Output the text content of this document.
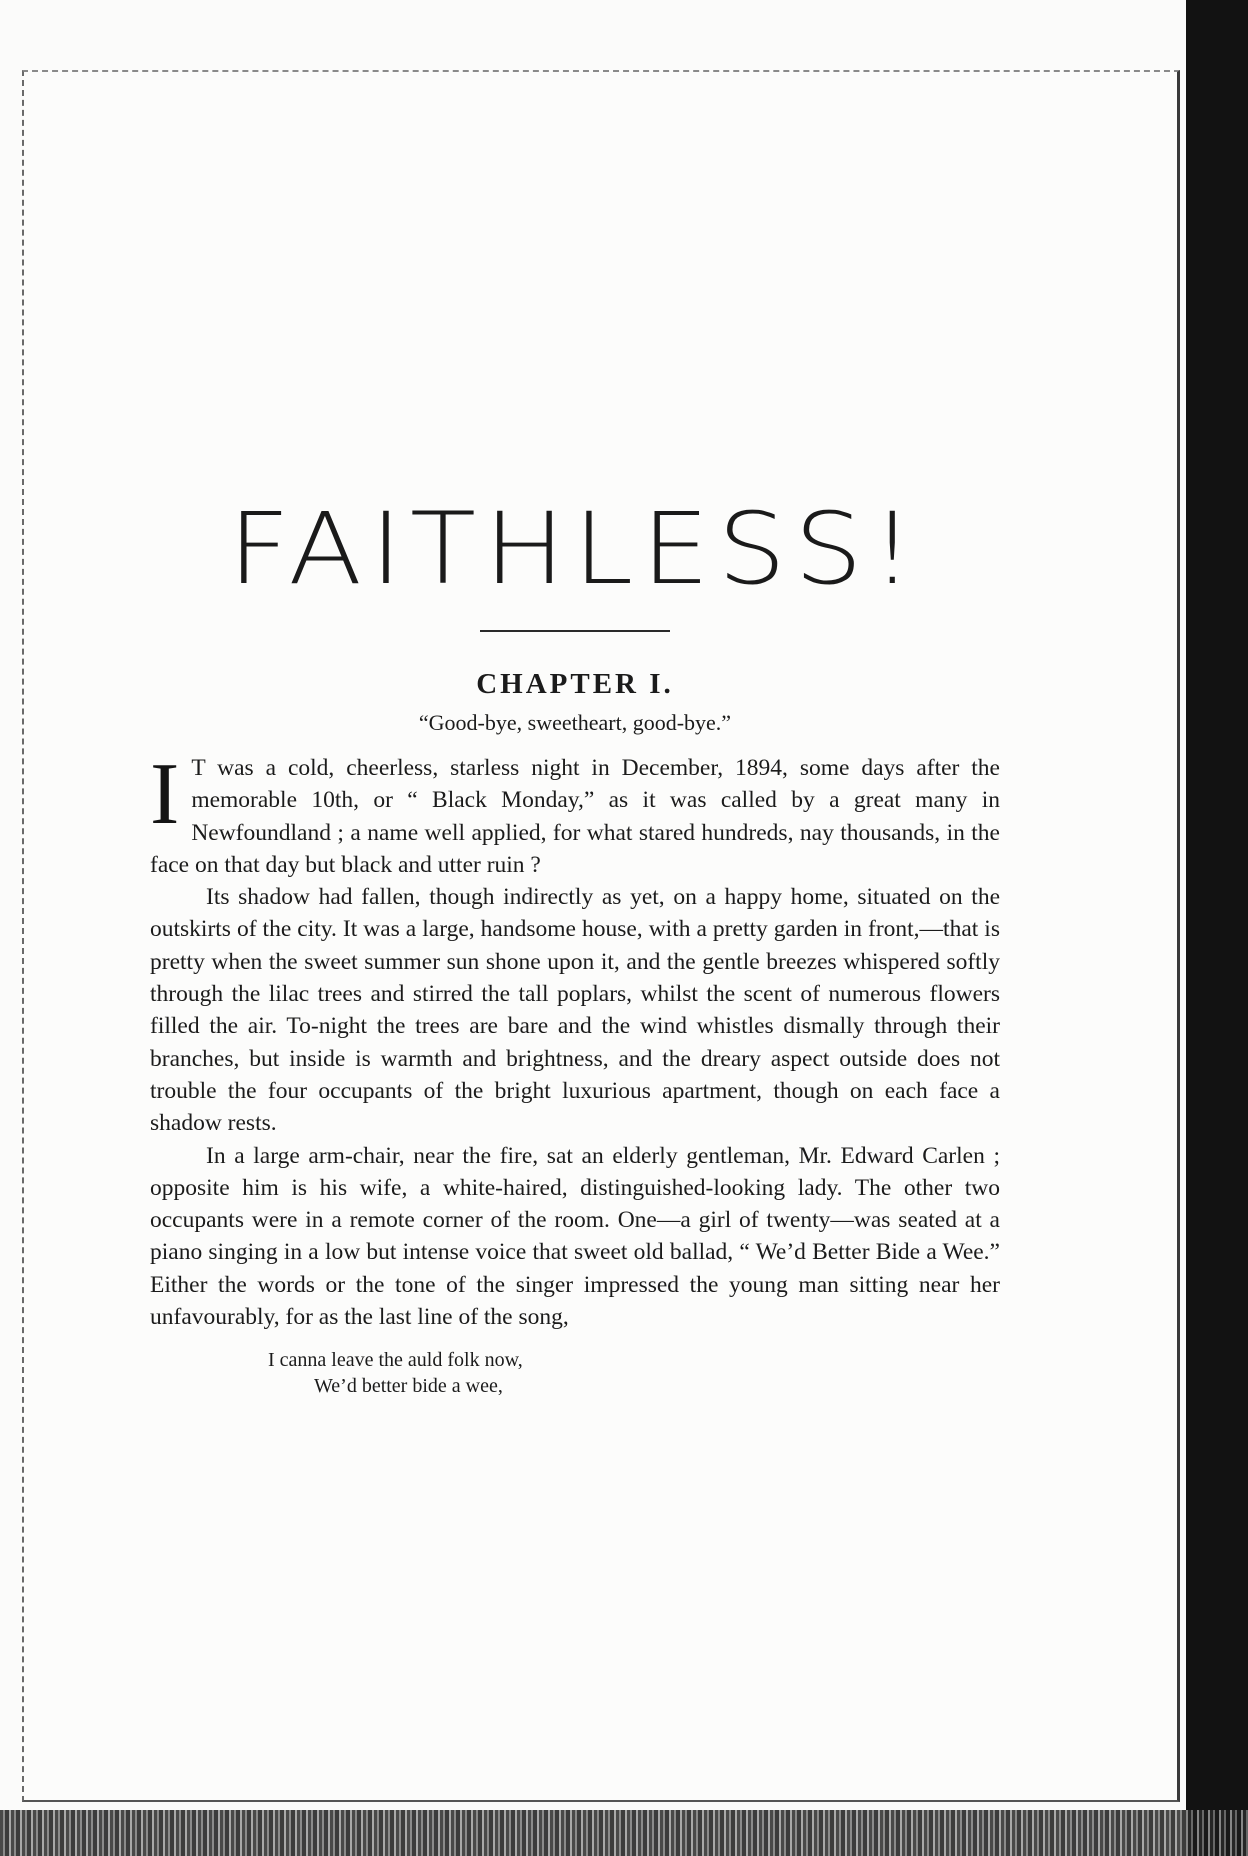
FAITHLESS!
CHAPTER I.
“Good-bye, sweetheart, good-bye.”

I T was a cold, cheerless, starless night in December, 1894, some days after the memorable 10th, or “ Black Monday,” as it was called by a great many in Newfoundland ; a name well applied, for what stared hundreds, nay thousands, in the face on that day but black and utter ruin ?

Its shadow had fallen, though indirectly as yet, on a happy home, situated on the outskirts of the city. It was a large, handsome house, with a pretty garden in front,—that is pretty when the sweet summer sun shone upon it, and the gentle breezes whispered softly through the lilac trees and stirred the tall poplars, whilst the scent of numerous flowers filled the air. To-night the trees are bare and the wind whistles dismally through their branches, but inside is warmth and brightness, and the dreary aspect outside does not trouble the four occupants of the bright luxurious apartment, though on each face a shadow rests.

In a large arm-chair, near the fire, sat an elderly gentleman, Mr. Edward Carlen ; opposite him is his wife, a white-haired, distinguished-looking lady. The other two occupants were in a remote corner of the room. One—a girl of twenty—was seated at a piano singing in a low but intense voice that sweet old ballad, “ We’d Better Bide a Wee.” Either the words or the tone of the singer impressed the young man sitting near her unfavourably, for as the last line of the song,

I canna leave the auld folk now,
We’d better bide a wee,
